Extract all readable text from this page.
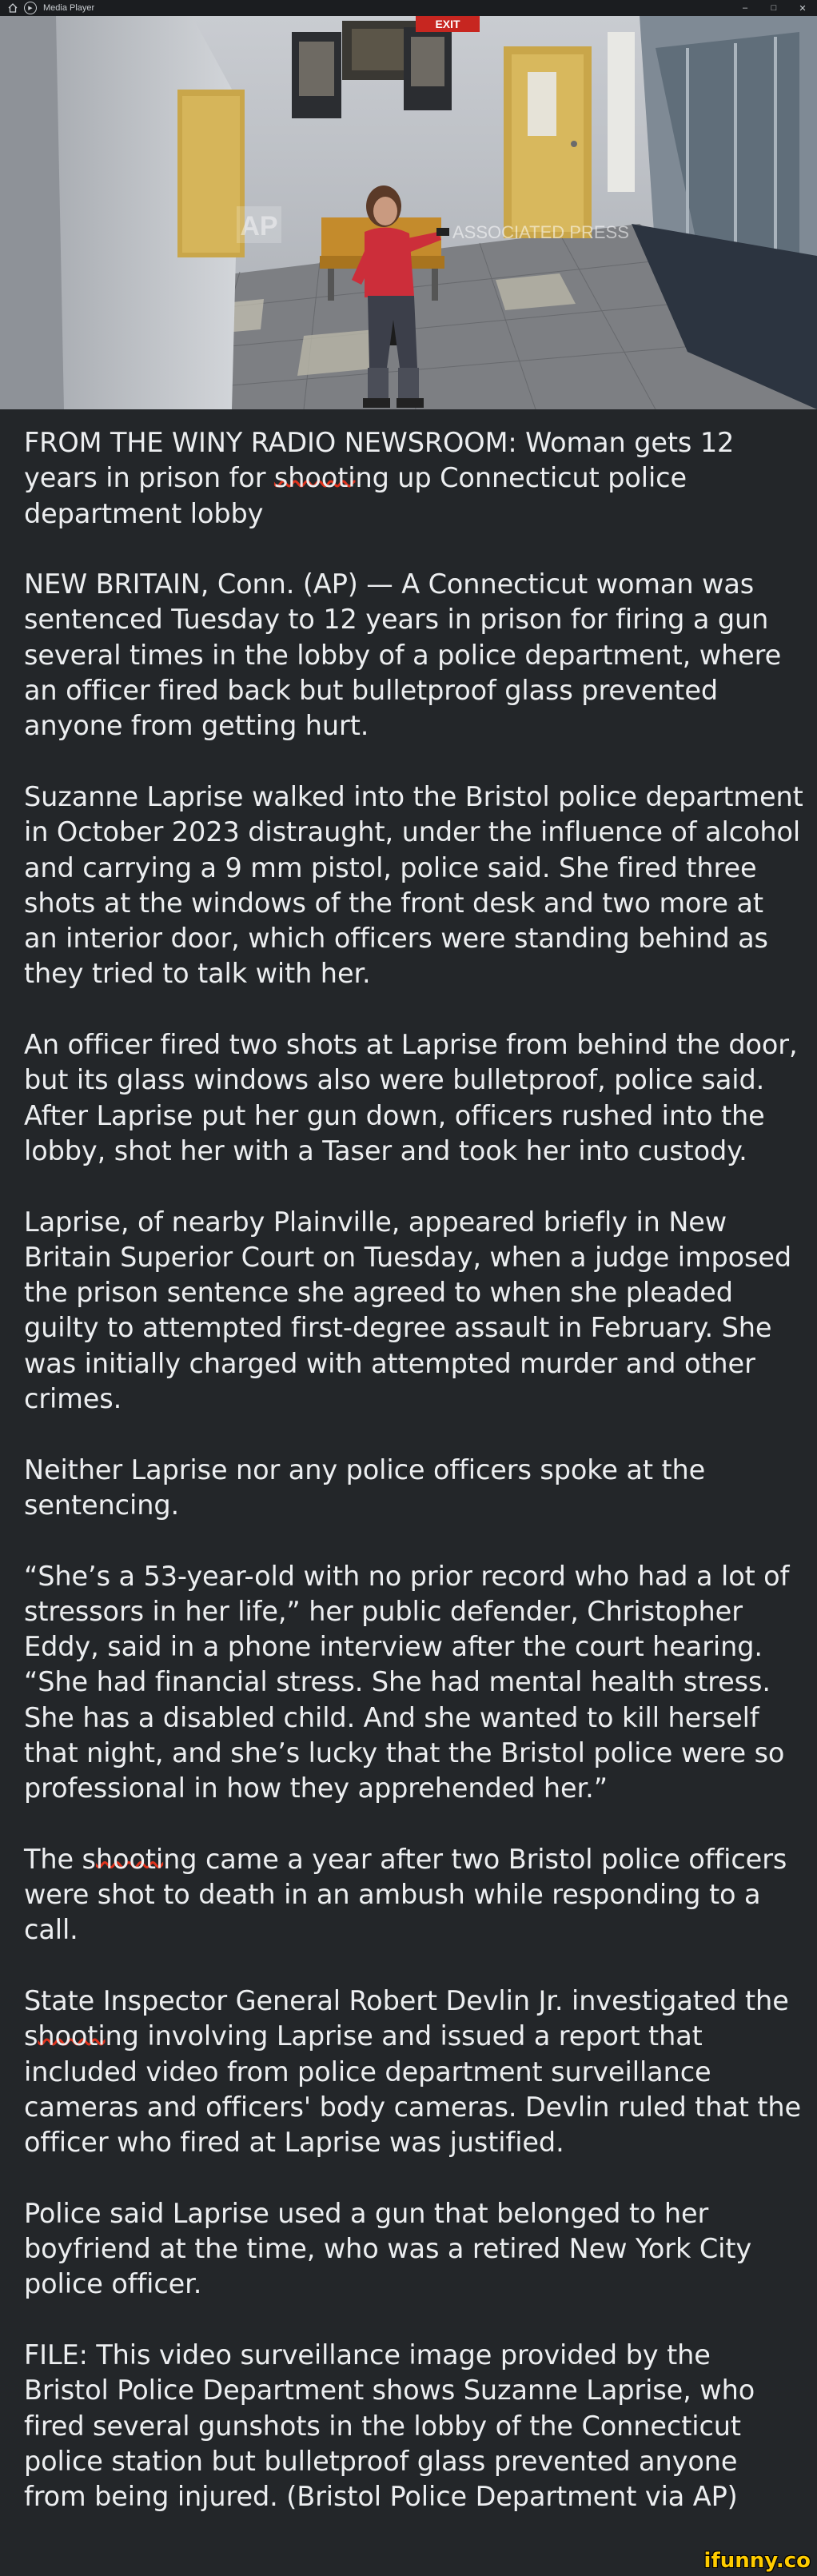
▶	Media Player	–	□	✕
EXIT
AP	ASSOCIATED PRESS

FROM THE WINY RADIO NEWSROOM: Woman gets 12 years in prison for shooting up Connecticut police department lobby

NEW BRITAIN, Conn. (AP) — A Connecticut woman was sentenced Tuesday to 12 years in prison for firing a gun several times in the lobby of a police department, where an officer fired back but bulletproof glass prevented anyone from getting hurt.

Suzanne Laprise walked into the Bristol police department in October 2023 distraught, under the influence of alcohol and carrying a 9 mm pistol, police said. She fired three shots at the windows of the front desk and two more at an interior door, which officers were standing behind as they tried to talk with her.

An officer fired two shots at Laprise from behind the door, but its glass windows also were bulletproof, police said. After Laprise put her gun down, officers rushed into the lobby, shot her with a Taser and took her into custody.

Laprise, of nearby Plainville, appeared briefly in New Britain Superior Court on Tuesday, when a judge imposed the prison sentence she agreed to when she pleaded guilty to attempted first-degree assault in February. She was initially charged with attempted murder and other crimes.

Neither Laprise nor any police officers spoke at the sentencing.

“She’s a 53-year-old with no prior record who had a lot of stressors in her life,” her public defender, Christopher Eddy, said in a phone interview after the court hearing. “She had financial stress. She had mental health stress. She has a disabled child. And she wanted to kill herself that night, and she’s lucky that the Bristol police were so professional in how they apprehended her.”

The shooting came a year after two Bristol police officers were shot to death in an ambush while responding to a call.

State Inspector General Robert Devlin Jr. investigated the shooting involving Laprise and issued a report that included video from police department surveillance cameras and officers' body cameras. Devlin ruled that the officer who fired at Laprise was justified.

Police said Laprise used a gun that belonged to her boyfriend at the time, who was a retired New York City police officer.

FILE: This video surveillance image provided by the Bristol Police Department shows Suzanne Laprise, who fired several gunshots in the lobby of the Connecticut police station but bulletproof glass prevented anyone from being injured. (Bristol Police Department via AP)

ifunny.co
